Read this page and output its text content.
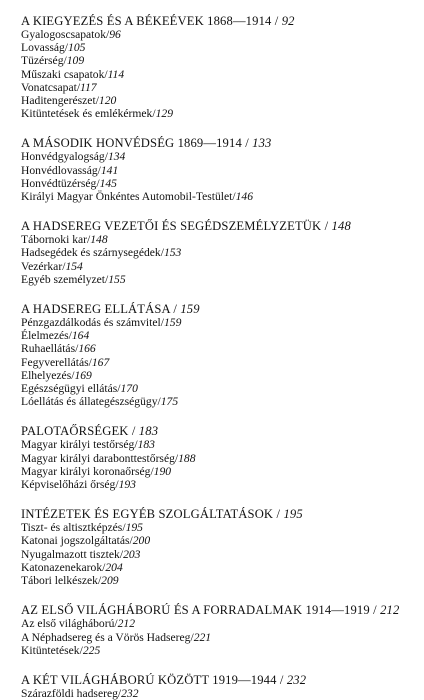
A KIEGYEZÉS ÉS A BÉKEÉVEK 1868—1914 / 92

Gyalogoscsapatok/96
Lovasság/105
Tüzérség/109
Műszaki csapatok/114
Vonatcsapat/117
Haditengerészet/120
Kitüntetések és emlékérmek/129

A MÁSODIK HONVÉDSÉG 1869—1914 / 133

Honvédgyalogság/134
Honvédlovasság/141
Honvédtüzérség/145
Királyi Magyar Önkéntes Automobil-Testület/146

A HADSEREG VEZETŐI ÉS SEGÉDSZEMÉLYZETÜK / 148

Tábornoki kar/148
Hadsegédek és szárnysegédek/153
Vezérkar/154
Egyéb személyzet/155

A HADSEREG ELLÁTÁSA / 159

Pénzgazdálkodás és számvitel/159
Élelmezés/164
Ruhaellátás/166
Fegyverellátás/167
Elhelyezés/169
Egészségügyi ellátás/170
Lóellátás és állategészségügy/175

PALOTAŐRSÉGEK / 183

Magyar királyi testőrség/183
Magyar királyi darabonttestőrség/188
Magyar királyi koronaőrség/190
Képviselőházi őrség/193

INTÉZETEK ÉS EGYÉB SZOLGÁLTATÁSOK / 195

Tiszt- és altisztképzés/195
Katonai jogszolgáltatás/200
Nyugalmazott tisztek/203
Katonazenekarok/204
Tábori lelkészek/209

AZ ELSŐ VILÁGHÁBORÚ ÉS A FORRADALMAK 1914—1919 / 212

Az első világháború/212
A Néphadsereg és a Vörös Hadsereg/221
Kitüntetések/225

A KÉT VILÁGHÁBORÚ KÖZÖTT 1919—1944 / 232

Szárazföldi hadsereg/232
